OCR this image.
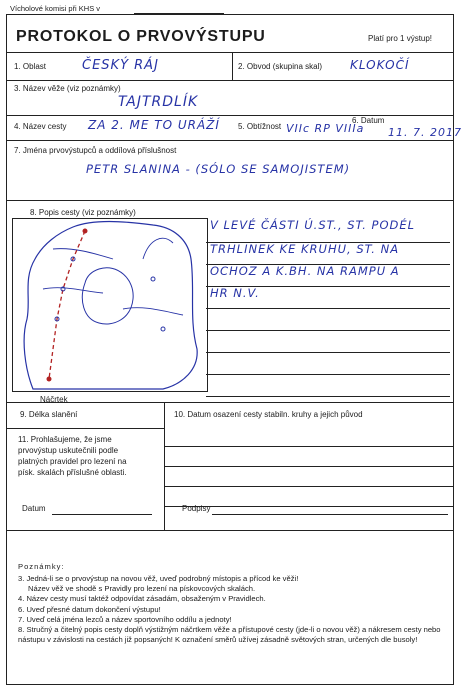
Vícholové komisi při KHS v
PROTOKOL O PRVOVÝSTUPU	Platí pro 1 výstup!
1. Oblast	ČESKÝ RÁJ	2. Obvod (skupina skal) KLOKOČÍ
3. Název věže (viz poznámky)
TAJTRDLÍK
4. Název cesty ZA 2. ME TO URÁŽÍ 5. Obtížnost VIIc RP VIIIa
6. Datum
11. 7. 2017
7. Jména prvovýstupců a oddílová příslušnost
PETR SLANINA - (SÓLO SE SAMOJISTEM)
8. Popis cesty (viz poznámky)
Náčrtek
V LEVÉ ČÁSTI Ú.ST., ST. PODÉL
TRHLINEK KE KRUHU, ST. NA
OCHOZ A K.BH. NA RAMPU A
HR N.V.
9. Délka slanění	10. Datum osazení cesty stabiln. kruhy a jejich původ
11. Prohlašujeme, že jsme prvovýstup uskutečnili podle platných pravidel pro lezení na písk. skalách příslušné oblasti.
Datum	Podpisy
Poznámky:
3. Jedná-li se o prvovýstup na novou věž, uveď podrobný místopis a přícod ke věži!
Název věž ve shodě s Pravidly pro lezení na pískovcových skalách.
4. Název cesty musí taktéž odpovídat zásadám, obsaženým v Pravidlech.
6. Uveď přesné datum dokončení výstupu!
7. Uveď celá jména lezců a název sportovního oddílu a jednoty!
8. Stručný a čitelný popis cesty doplň výstižným náčrtkem věže a přístupové cesty (jde-li o novou věž) a nákresem cesty nebo nástupu v závislosti na cestách již popsaných! K označení směrů užívej zásadně světových stran, určených dle busoly!
